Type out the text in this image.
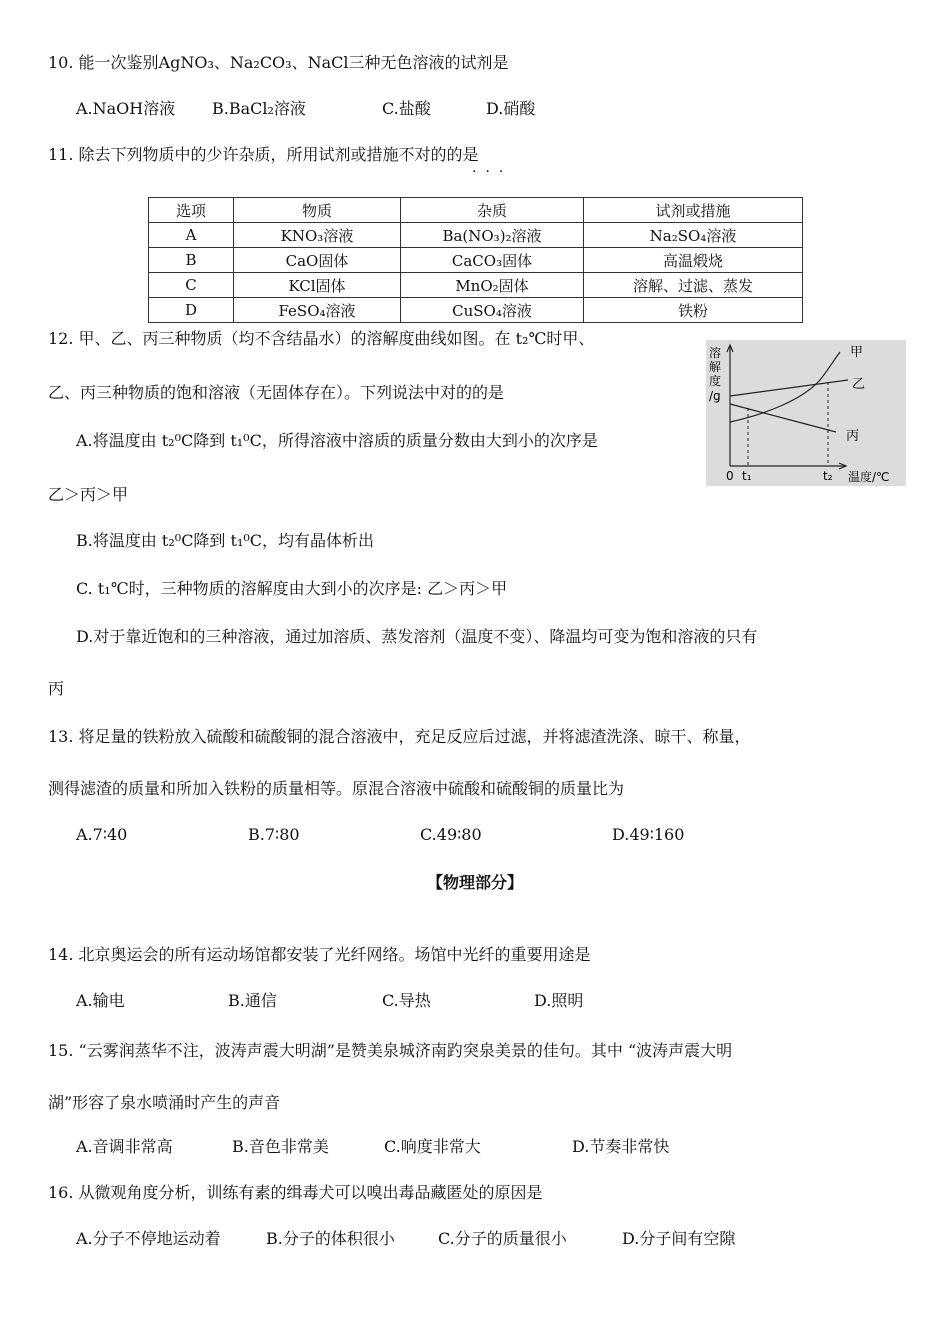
10. 能一次鉴别AgNO₃、Na₂CO₃、NaCl三种无色溶液的试剂是
A.NaOH溶液 B.BaCl₂溶液	C.盐酸	D.硝酸
11. 除去下列物质中的少许杂质，所用试剂或措施不对的的是
···
选项	物质	杂质	试剂或措施
A	KNO₃溶液	Ba(NO₃)₂溶液	Na₂SO₄溶液
B	CaO固体	CaCO₃固体	高温煅烧
C	KCl固体	MnO₂固体	溶解、过滤、蒸发
D	FeSO₄溶液	CuSO₄溶液	铁粉
12. 甲、乙、丙三种物质（均不含结晶水）的溶解度曲线如图。在 t₂℃时甲、
乙、丙三种物质的饱和溶液（无固体存在）。下列说法中对的的是
A.将温度由 t₂⁰C降到 t₁⁰C，所得溶液中溶质的质量分数由大到小的次序是
乙＞丙＞甲
B.将温度由 t₂⁰C降到 t₁⁰C，均有晶体析出
C. t₁℃时，三种物质的溶解度由大到小的次序是: 乙＞丙＞甲
D.对于靠近饱和的三种溶液，通过加溶质、蒸发溶剂（温度不变）、降温均可变为饱和溶液的只有
丙
溶
解
度
/g
甲
乙
丙
0 t₁	t₂ 温度/℃
13. 将足量的铁粉放入硫酸和硫酸铜的混合溶液中，充足反应后过滤，并将滤渣洗涤、晾干、称量，
测得滤渣的质量和所加入铁粉的质量相等。原混合溶液中硫酸和硫酸铜的质量比为
A.7∶40	B.7∶80	C.49∶80	D.49∶160
【物理部分】
14. 北京奥运会的所有运动场馆都安装了光纤网络。场馆中光纤的重要用途是
A.输电	B.通信	C.导热	D.照明
15. “云雾润蒸华不注，波涛声震大明湖”是赞美泉城济南趵突泉美景的佳句。其中 “波涛声震大明
湖”形容了泉水喷涌时产生的声音
A.音调非常高	B.音色非常美	C.响度非常大	D.节奏非常快
16. 从微观角度分析，训练有素的缉毒犬可以嗅出毒品藏匿处的原因是
A.分子不停地运动着	B.分子的体积很小	C.分子的质量很小	D.分子间有空隙
